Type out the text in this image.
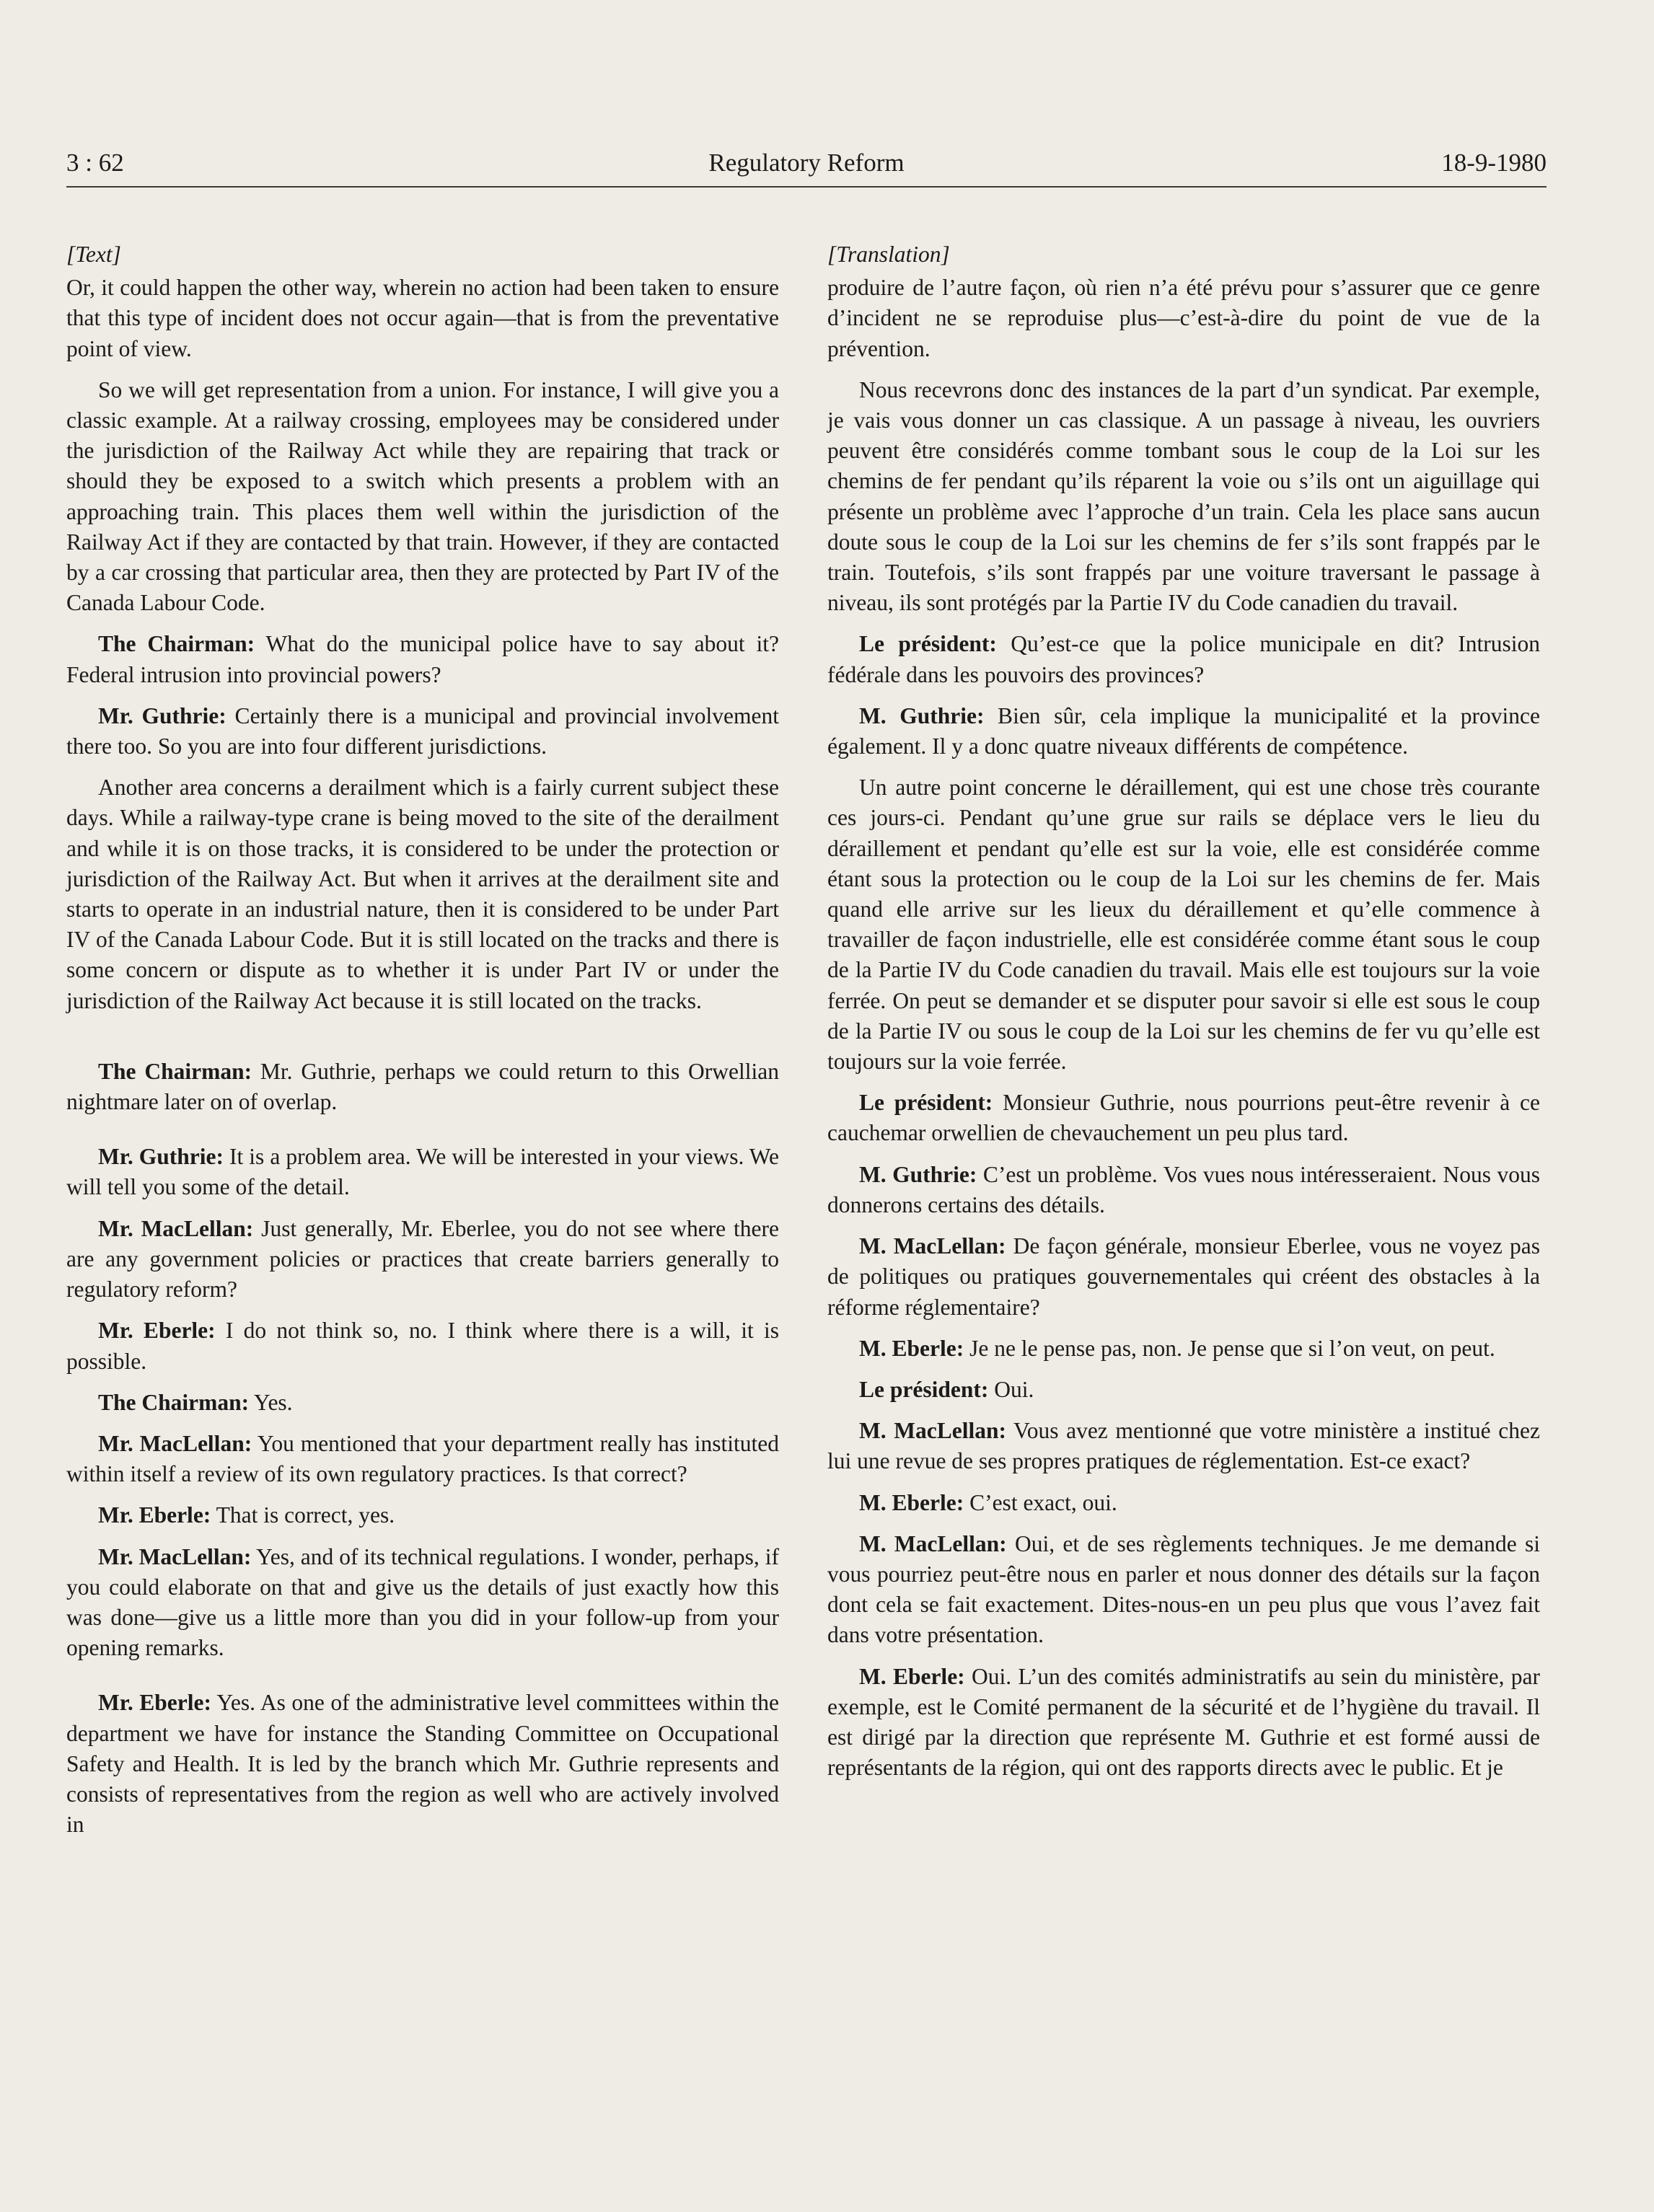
3 : 62	Regulatory Reform	18-9-1980
[Text]

Or, it could happen the other way, wherein no action had been taken to ensure that this type of incident does not occur again—that is from the preventative point of view.

So we will get representation from a union. For instance, I will give you a classic example. At a railway crossing, employees may be considered under the jurisdiction of the Railway Act while they are repairing that track or should they be exposed to a switch which presents a problem with an approaching train. This places them well within the jurisdiction of the Railway Act if they are contacted by that train. However, if they are contacted by a car crossing that particular area, then they are protected by Part IV of the Canada Labour Code.

The Chairman: What do the municipal police have to say about it? Federal intrusion into provincial powers?

Mr. Guthrie: Certainly there is a municipal and provincial involvement there too. So you are into four different jurisdictions.

Another area concerns a derailment which is a fairly current subject these days. While a railway-type crane is being moved to the site of the derailment and while it is on those tracks, it is considered to be under the protection or jurisdiction of the Railway Act. But when it arrives at the derailment site and starts to operate in an industrial nature, then it is considered to be under Part IV of the Canada Labour Code. But it is still located on the tracks and there is some concern or dispute as to whether it is under Part IV or under the jurisdiction of the Railway Act because it is still located on the tracks.

The Chairman: Mr. Guthrie, perhaps we could return to this Orwellian nightmare later on of overlap.

Mr. Guthrie: It is a problem area. We will be interested in your views. We will tell you some of the detail.

Mr. MacLellan: Just generally, Mr. Eberlee, you do not see where there are any government policies or practices that create barriers generally to regulatory reform?

Mr. Eberle: I do not think so, no. I think where there is a will, it is possible.

The Chairman: Yes.

Mr. MacLellan: You mentioned that your department really has instituted within itself a review of its own regulatory practices. Is that correct?

Mr. Eberle: That is correct, yes.

Mr. MacLellan: Yes, and of its technical regulations. I wonder, perhaps, if you could elaborate on that and give us the details of just exactly how this was done—give us a little more than you did in your follow-up from your opening remarks.

Mr. Eberle: Yes. As one of the administrative level committees within the department we have for instance the Standing Committee on Occupational Safety and Health. It is led by the branch which Mr. Guthrie represents and consists of representatives from the region as well who are actively involved in

[Translation]

produire de l’autre façon, où rien n’a été prévu pour s’assurer que ce genre d’incident ne se reproduise plus—c’est-à-dire du point de vue de la prévention.

Nous recevrons donc des instances de la part d’un syndicat. Par exemple, je vais vous donner un cas classique. A un passage à niveau, les ouvriers peuvent être considérés comme tombant sous le coup de la Loi sur les chemins de fer pendant qu’ils réparent la voie ou s’ils ont un aiguillage qui présente un problème avec l’approche d’un train. Cela les place sans aucun doute sous le coup de la Loi sur les chemins de fer s’ils sont frappés par le train. Toutefois, s’ils sont frappés par une voiture traversant le passage à niveau, ils sont protégés par la Partie IV du Code canadien du travail.

Le président: Qu’est-ce que la police municipale en dit? Intrusion fédérale dans les pouvoirs des provinces?

M. Guthrie: Bien sûr, cela implique la municipalité et la province également. Il y a donc quatre niveaux différents de compétence.

Un autre point concerne le déraillement, qui est une chose très courante ces jours-ci. Pendant qu’une grue sur rails se déplace vers le lieu du déraillement et pendant qu’elle est sur la voie, elle est considérée comme étant sous la protection ou le coup de la Loi sur les chemins de fer. Mais quand elle arrive sur les lieux du déraillement et qu’elle commence à travailler de façon industrielle, elle est considérée comme étant sous le coup de la Partie IV du Code canadien du travail. Mais elle est toujours sur la voie ferrée. On peut se demander et se disputer pour savoir si elle est sous le coup de la Partie IV ou sous le coup de la Loi sur les chemins de fer vu qu’elle est toujours sur la voie ferrée.

Le président: Monsieur Guthrie, nous pourrions peut-être revenir à ce cauchemar orwellien de chevauchement un peu plus tard.

M. Guthrie: C’est un problème. Vos vues nous intéresseraient. Nous vous donnerons certains des détails.

M. MacLellan: De façon générale, monsieur Eberlee, vous ne voyez pas de politiques ou pratiques gouvernementales qui créent des obstacles à la réforme réglementaire?

M. Eberle: Je ne le pense pas, non. Je pense que si l’on veut, on peut.

Le président: Oui.

M. MacLellan: Vous avez mentionné que votre ministère a institué chez lui une revue de ses propres pratiques de réglementation. Est-ce exact?

M. Eberle: C’est exact, oui.

M. MacLellan: Oui, et de ses règlements techniques. Je me demande si vous pourriez peut-être nous en parler et nous donner des détails sur la façon dont cela se fait exactement. Dites-nous-en un peu plus que vous l’avez fait dans votre présentation.

M. Eberle: Oui. L’un des comités administratifs au sein du ministère, par exemple, est le Comité permanent de la sécurité et de l’hygiène du travail. Il est dirigé par la direction que représente M. Guthrie et est formé aussi de représentants de la région, qui ont des rapports directs avec le public. Et je
